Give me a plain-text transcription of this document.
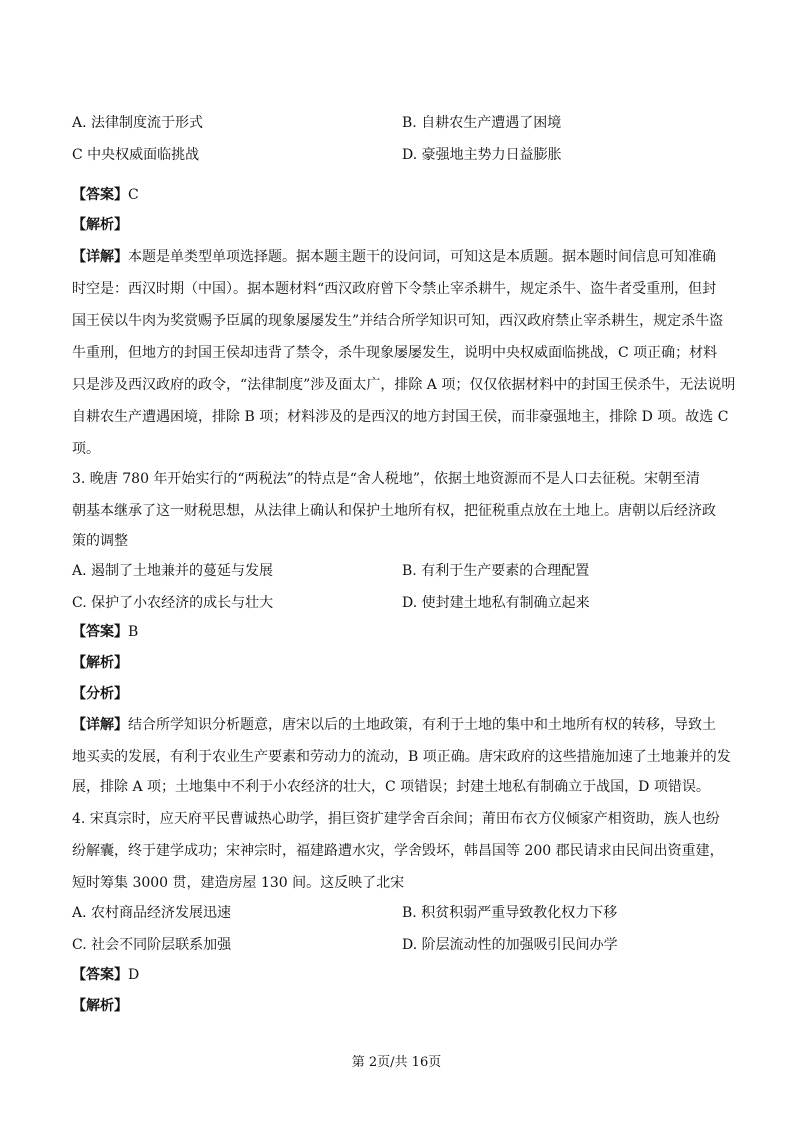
A. 法律制度流于形式	B. 自耕农生产遭遇了困境
C 中央权威面临挑战	D. 豪强地主势力日益膨胀
【答案】C
【解析】
【详解】本题是单类型单项选择题。据本题主题干的设问词，可知这是本质题。据本题时间信息可知准确
时空是：西汉时期（中国）。据本题材料“西汉政府曾下令禁止宰杀耕牛，规定杀牛、盗牛者受重刑，但封
国王侯以牛肉为奖赏赐予臣属的现象屡屡发生”并结合所学知识可知，西汉政府禁止宰杀耕生，规定杀牛盗
牛重刑，但地方的封国王侯却违背了禁令，杀牛现象屡屡发生，说明中央权威面临挑战，C 项正确；材料
只是涉及西汉政府的政令，“法律制度”涉及面太广，排除 A 项；仅仅依据材料中的封国王侯杀牛，无法说明
自耕农生产遭遇困境，排除 B 项；材料涉及的是西汉的地方封国王侯，而非豪强地主，排除 D 项。故选 C
项。
3. 晚唐 780 年开始实行的“两税法”的特点是“舍人税地”，依据土地资源而不是人口去征税。宋朝至清
朝基本继承了这一财税思想，从法律上确认和保护土地所有权，把征税重点放在土地上。唐朝以后经济政
策的调整
A. 遏制了土地兼并的蔓延与发展	B. 有利于生产要素的合理配置
C. 保护了小农经济的成长与壮大	D. 使封建土地私有制确立起来
【答案】B
【解析】
【分析】
【详解】结合所学知识分析题意，唐宋以后的土地政策，有利于土地的集中和土地所有权的转移，导致土
地买卖的发展，有利于农业生产要素和劳动力的流动，B 项正确。唐宋政府的这些措施加速了土地兼并的发
展，排除 A 项；土地集中不利于小农经济的壮大，C 项错误；封建土地私有制确立于战国，D 项错误。
4. 宋真宗时，应天府平民曹诚热心助学，捐巨资扩建学舍百余间；莆田布衣方仪倾家产相资助，族人也纷
纷解囊，终于建学成功；宋神宗时，福建路遭水灾，学舍毁坏，韩昌国等 200 郡民请求由民间出资重建，
短时筹集 3000 贯，建造房屋 130 间。这反映了北宋
A. 农村商品经济发展迅速	B. 积贫积弱严重导致教化权力下移
C. 社会不同阶层联系加强	D. 阶层流动性的加强吸引民间办学
【答案】D
【解析】
第 2页/共 16页
